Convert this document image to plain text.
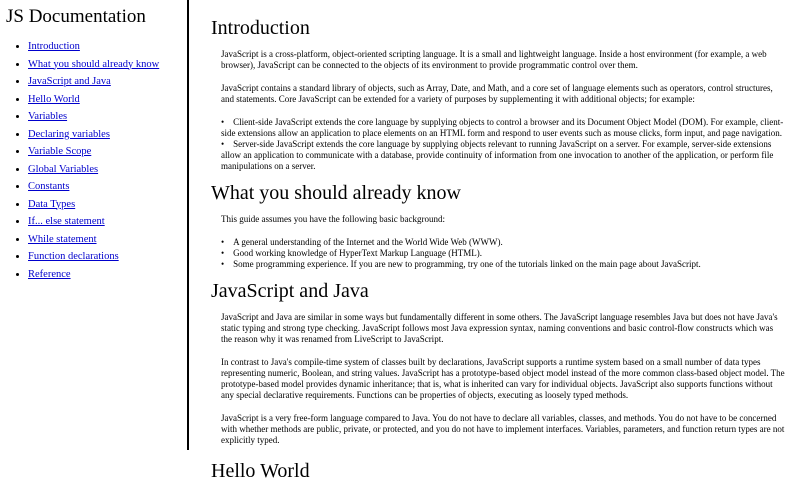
JS Documentation
• Introduction
• What you should already know
• JavaScript and Java
• Hello World
• Variables
• Declaring variables
• Variable Scope
• Global Variables
• Constants
• Data Types
• If... else statement
• While statement
• Function declarations
• Reference
Introduction

JavaScript is a cross-platform, object-oriented scripting language. It is a small and lightweight language. Inside a host environment (for example, a web browser), JavaScript can be connected to the objects of its environment to provide programmatic control over them.

JavaScript contains a standard library of objects, such as Array, Date, and Math, and a core set of language elements such as operators, control structures, and statements. Core JavaScript can be extended for a variety of purposes by supplementing it with additional objects; for example:

• Client-side JavaScript extends the core language by supplying objects to control a browser and its Document Object Model (DOM). For example, client-side extensions allow an application to place elements on an HTML form and respond to user events such as mouse clicks, form input, and page navigation.
• Server-side JavaScript extends the core language by supplying objects relevant to running JavaScript on a server. For example, server-side extensions allow an application to communicate with a database, provide continuity of information from one invocation to another of the application, or perform file manipulations on a server.
What you should already know

This guide assumes you have the following basic background:

• A general understanding of the Internet and the World Wide Web (WWW).
• Good working knowledge of HyperText Markup Language (HTML).
• Some programming experience. If you are new to programming, try one of the tutorials linked on the main page about JavaScript.
JavaScript and Java

JavaScript and Java are similar in some ways but fundamentally different in some others. The JavaScript language resembles Java but does not have Java's static typing and strong type checking. JavaScript follows most Java expression syntax, naming conventions and basic control-flow constructs which was the reason why it was renamed from LiveScript to JavaScript.

In contrast to Java's compile-time system of classes built by declarations, JavaScript supports a runtime system based on a small number of data types representing numeric, Boolean, and string values. JavaScript has a prototype-based object model instead of the more common class-based object model. The prototype-based model provides dynamic inheritance; that is, what is inherited can vary for individual objects. JavaScript also supports functions without any special declarative requirements. Functions can be properties of objects, executing as loosely typed methods.

JavaScript is a very free-form language compared to Java. You do not have to declare all variables, classes, and methods. You do not have to be concerned with whether methods are public, private, or protected, and you do not have to implement interfaces. Variables, parameters, and function return types are not explicitly typed.

Hello World
